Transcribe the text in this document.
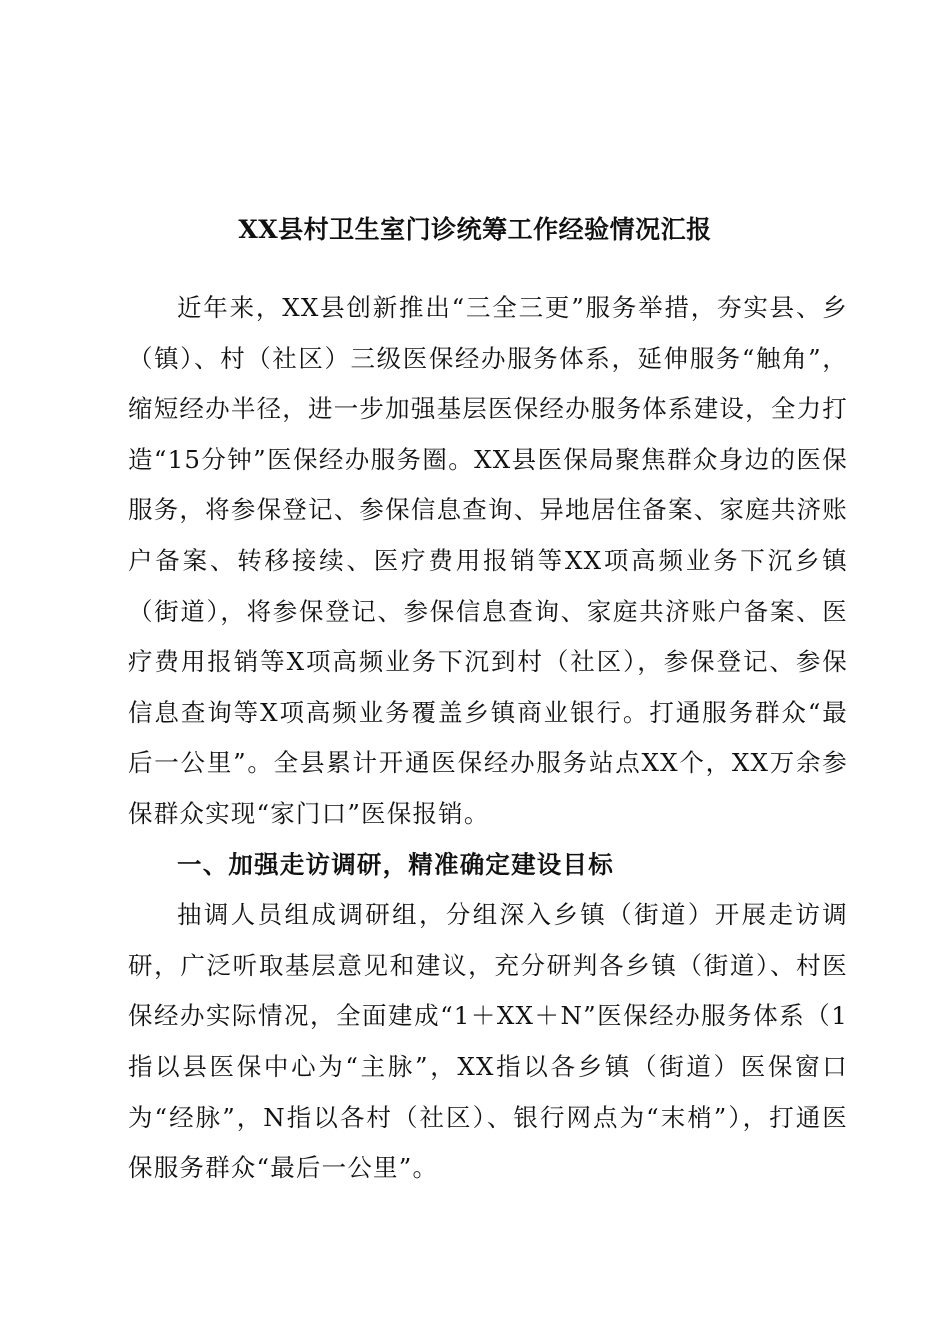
XX县村卫生室门诊统筹工作经验情况汇报

近年来，XX县创新推出“三全三更”服务举措，夯实县、乡（镇）、村（社区）三级医保经办服务体系，延伸服务“触角”，缩短经办半径，进一步加强基层医保经办服务体系建设，全力打造“15分钟”医保经办服务圈。XX县医保局聚焦群众身边的医保服务，将参保登记、参保信息查询、异地居住备案、家庭共济账户备案、转移接续、医疗费用报销等XX项高频业务下沉乡镇（街道），将参保登记、参保信息查询、家庭共济账户备案、医疗费用报销等X项高频业务下沉到村（社区），参保登记、参保信息查询等X项高频业务覆盖乡镇商业银行。打通服务群众“最后一公里”。全县累计开通医保经办服务站点XX个，XX万余参保群众实现“家门口”医保报销。

一、加强走访调研，精准确定建设目标

抽调人员组成调研组，分组深入乡镇（街道）开展走访调研，广泛听取基层意见和建议，充分研判各乡镇（街道）、村医保经办实际情况，全面建成“1＋XX＋N”医保经办服务体系（1指以县医保中心为“主脉”，XX指以各乡镇（街道）医保窗口为“经脉”，N指以各村（社区）、银行网点为“末梢”），打通医保服务群众“最后一公里”。
